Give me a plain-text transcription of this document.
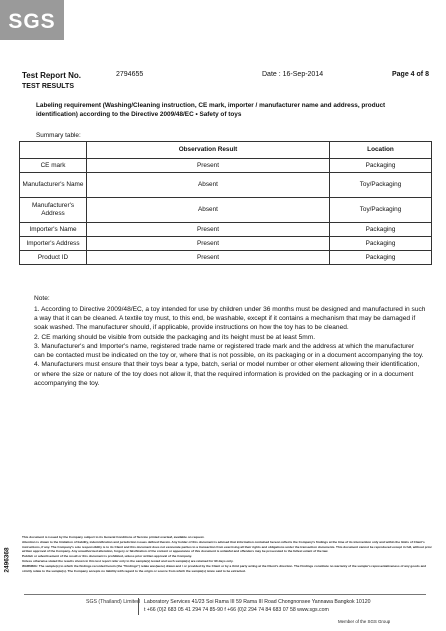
SGS
Test Report No.	2794655	Date : 16-Sep-2014	Page 4 of 8
TEST RESULTS
Labeling requirement (Washing/Cleaning instruction, CE mark, importer / manufacturer name and address, product identification) according to the Directive 2009/48/EC • Safety of toys
Summary table:
	Observation Result	Location
CE mark	Present	Packaging
Manufacturer's Name	Absent	Toy/Packaging
Manufacturer's Address	Absent	Toy/Packaging
Importer's Name	Present	Packaging
Importer's Address	Present	Packaging
Product ID	Present	Packaging
Note:

1. According to Directive 2009/48/EC, a toy intended for use by children under 36 months must be designed and manufactured in such a way that it can be cleaned. A textile toy must, to this end, be washable, except if it contains a mechanism that may be damaged if soak washed. The manufacturer should, if applicable, provide instructions on how the toy has to be cleaned.

2. CE marking should be visible from outside the packaging and its height must be at least 5mm.

3. Manufacturer's and Importer's name, registered trade name or registered trade mark and the address at which the manufacturer can be contacted must be indicated on the toy or, where that is not possible, on its packaging or in a document accompanying the toy.

4. Manufacturers must ensure that their toys bear a type, batch, serial or model number or other element allowing their identification, or where the size or nature of the toy does not allow it, that the required information is provided on the packaging or in a document accompanying the toy.

2496368

This document is issued by the Company subject to its General Conditions of Service printed overleaf, available on request.

Attention is drawn to the limitation of liability, indemnification and jurisdiction issues defined therein. Any holder of this document is advised that information contained hereon reflects the Company's findings at the time of its intervention only and within the limits of Client's instructions, if any. The Company's sole responsibility is to its Client and this document does not exonerate parties to a transaction from exercising all their rights and obligations under the transaction documents. This document cannot be reproduced except in full, without prior written approval of the Company. Any unauthorized alteration, forgery or falsification of the content or appearance of this document is unlawful and offenders may be prosecuted to the fullest extent of the law.

Publish or advertisement of the result or this document is prohibited, unless prior written approval of the Company.

Unless otherwise stated the results shown in this test report refer only to the sample(s) tested and such sample(s) are retained for 90 days only.

WARNING: The sample(s) to which the findings recorded herein (the "Findings") relate was(were) drawn and / or provided by the Client or by a third party acting at the Client's direction. The Findings constitute no warranty of the sample's representativeness of any goods and strictly relate to the sample(s). The Company accepts no liability with regard to the origin or source from which the sample(s) is/are said to be extracted.

SGS (Thailand) Limited Laboratory Services 41/23 Soi Rama III 59 Rama III Road Chongnonsee Yannawa Bangkok 10120
t +66 (0)2 683 05 41 294 74 85-90 f +66 (0)2 294 74 84 683 07 58 www.sgs.com
Member of the SGS Group
